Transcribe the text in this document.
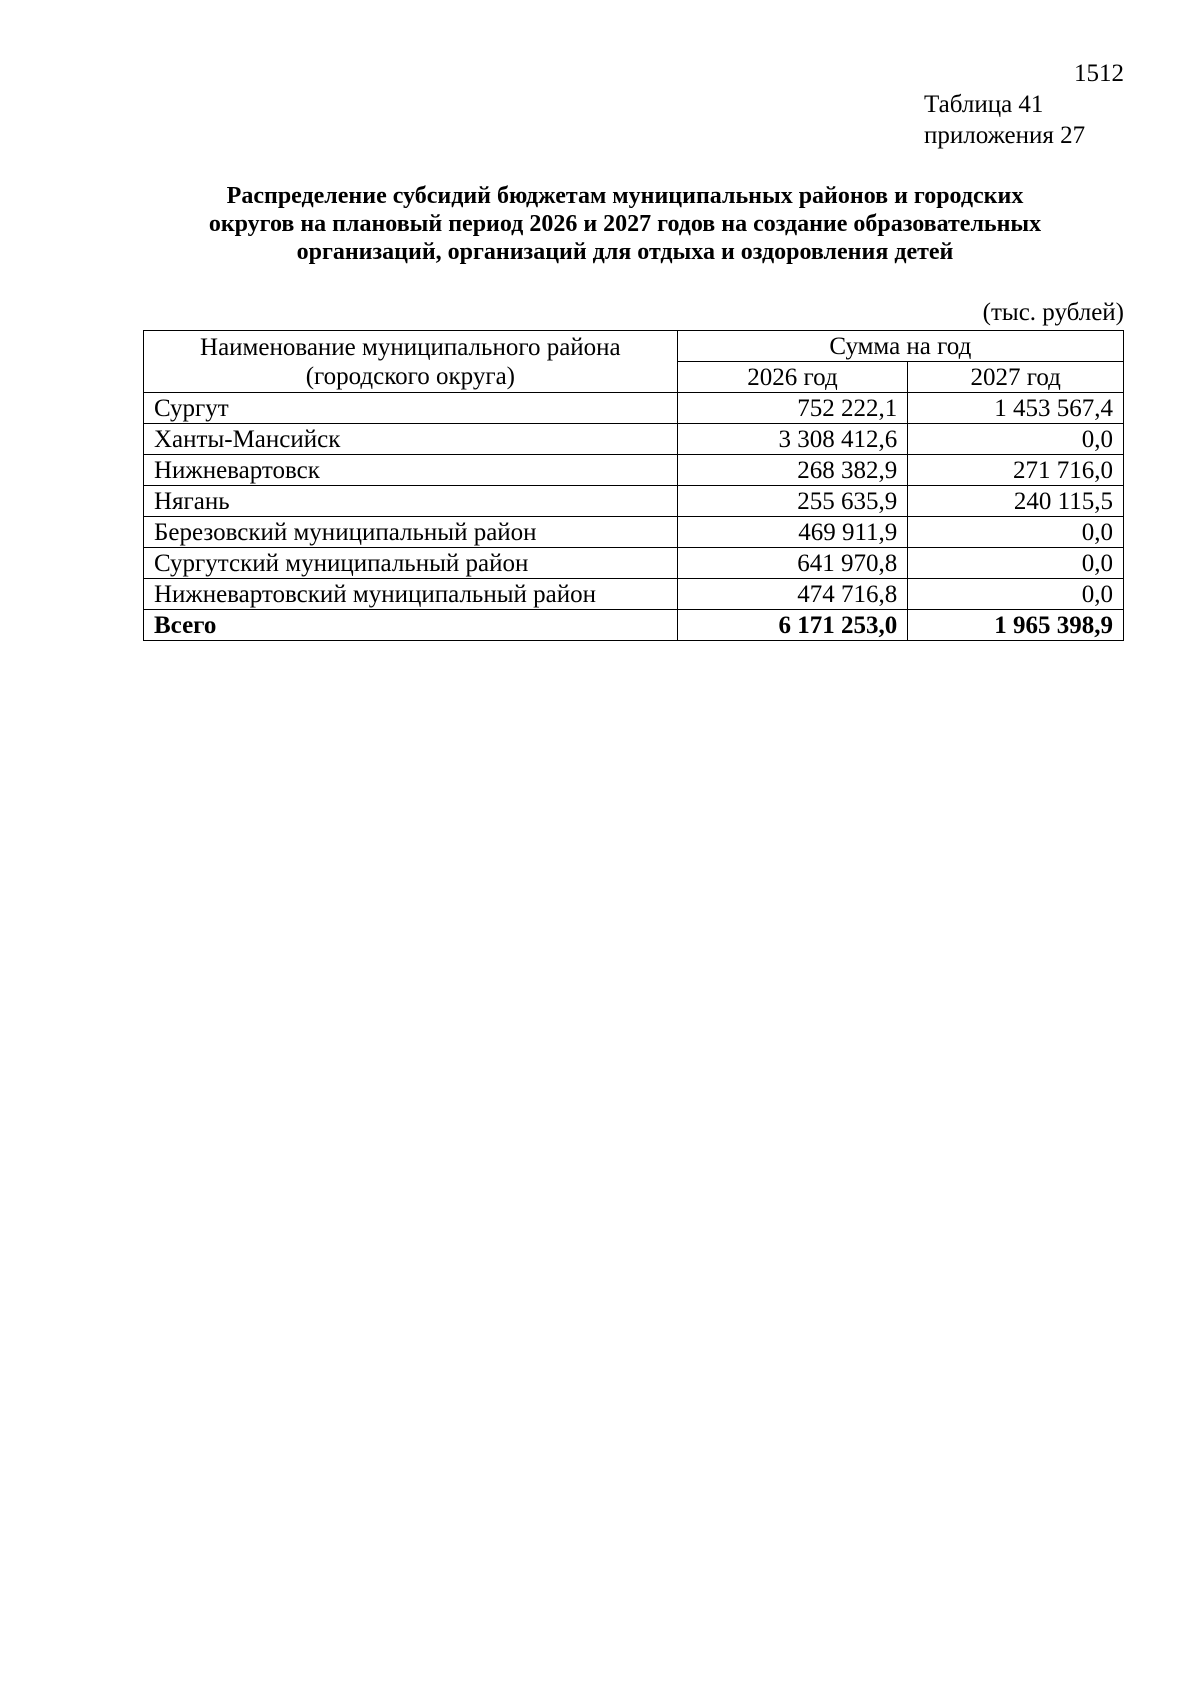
1512
Таблица 41
приложения 27
Распределение субсидий бюджетам муниципальных районов и городских
округов на плановый период 2026 и 2027 годов на создание образовательных
организаций, организаций для отдыха и оздоровления детей
(тыс. рублей)
Наименование муниципального района
(городского округа)	Сумма на год	
	2026 год	2027 год
Сургут	752 222,1	1 453 567,4
Ханты-Мансийск	3 308 412,6	0,0
Нижневартовск	268 382,9	271 716,0
Нягань	255 635,9	240 115,5
Березовский муниципальный район	469 911,9	0,0
Сургутский муниципальный район	641 970,8	0,0
Нижневартовский муниципальный район	474 716,8	0,0
Всего	6 171 253,0	1 965 398,9
